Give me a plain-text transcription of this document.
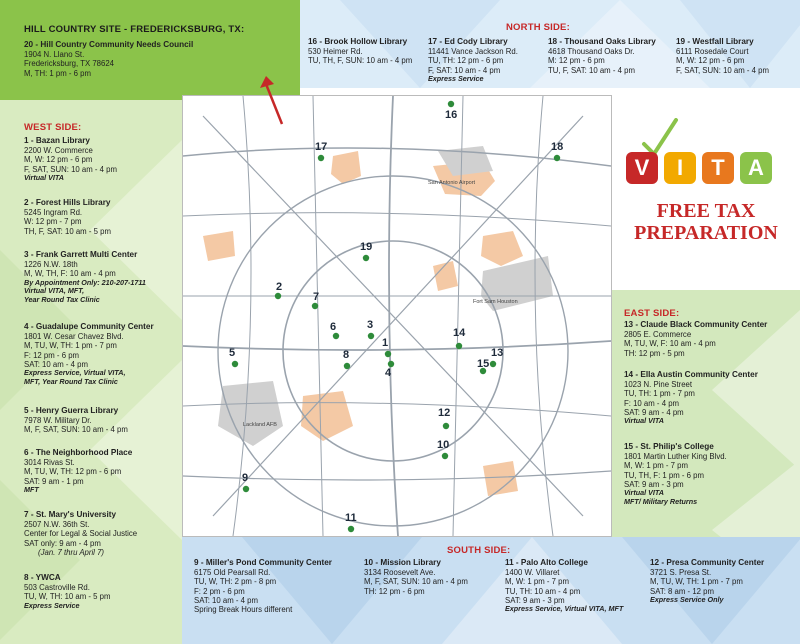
HILL COUNTRY SITE - FREDERICKSBURG, TX:
20 - Hill Country Community Needs Council
1904 N. Llano St.
Fredericksburg, TX 78624
M, TH: 1 pm - 6 pm
NORTH SIDE:
SOUTH SIDE:
16 - Brook Hollow Library
530 Heimer Rd.
TU, TH, F, SUN: 10 am - 4 pm
17 - Ed Cody Library
11441 Vance Jackson Rd.
TU, TH: 12 pm - 6 pm
F, SAT: 10 am - 4 pm
Express Service
18 - Thousand Oaks Library
4618 Thousand Oaks Dr.
M: 12 pm - 6 pm
TU, F, SAT: 10 am - 4 pm
19 - Westfall Library
6111 Rosedale Court
M, W: 12 pm - 6 pm
F, SAT, SUN: 10 am - 4 pm
WEST SIDE:
1 - Bazan Library
2200 W. Commerce
M, W: 12 pm - 6 pm
F, SAT, SUN: 10 am - 4 pm
Virtual VITA
2 - Forest Hills Library
5245 Ingram Rd.
W: 12 pm - 7 pm
TH, F, SAT: 10 am - 5 pm
3 - Frank Garrett Multi Center
1226 N.W. 18th
M, W, TH, F: 10 am - 4 pm
By Appointment Only: 210-207-1711
Virtual VITA, MFT,
Year Round Tax Clinic
4 - Guadalupe Community Center
1801 W. Cesar Chavez Blvd.
M, TU, W, TH: 1 pm - 7 pm
F: 12 pm - 6 pm
SAT: 10 am - 4 pm
Express Service, Virtual VITA,
MFT, Year Round Tax Clinic
5 - Henry Guerra Library
7978 W. Military Dr.
M, F, SAT, SUN: 10 am - 4 pm
6 - The Neighborhood Place
3014 Rivas St.
M, TU, W, TH: 12 pm - 6 pm
SAT: 9 am - 1 pm
MFT
7 - St. Mary's University
2507 N.W. 36th St.
Center for Legal & Social Justice
SAT only: 9 am - 4 pm
(Jan. 7 thru April 7)
8 - YWCA
503 Castroville Rd.
TU, W, TH: 10 am - 5 pm
Express Service
EAST SIDE:
13 - Claude Black Community Center
2805 E. Commerce
M, TU, W, F: 10 am - 4 pm
TH: 12 pm - 5 pm
14 - Ella Austin Community Center
1023 N. Pine Street
TU, TH: 1 pm - 7 pm
F: 10 am - 4 pm
SAT: 9 am - 4 pm
Virtual VITA
15 - St. Philip's College
1801 Martin Luther King Blvd.
M, W: 1 pm - 7 pm
TU, TH, F: 1 pm - 6 pm
SAT: 9 am - 3 pm
Virtual VITA
MFT/ Military Returns
9 - Miller's Pond Community Center
6175 Old Pearsall Rd.
TU, W, TH: 2 pm - 8 pm
F: 2 pm - 6 pm
SAT: 10 am - 4 pm
Spring Break Hours different
10 - Mission Library
3134 Roosevelt Ave.
M, F, SAT, SUN: 10 am - 4 pm
TH: 12 pm - 6 pm
11 - Palo Alto College
1400 W. Villaret
M, W: 1 pm - 7 pm
TU, TH: 10 am - 4 pm
SAT: 9 am - 3 pm
Express Service, Virtual VITA, MFT
12 - Presa Community Center
3721 S. Presa St.
M, TU, W, TH: 1 pm - 7 pm
SAT: 8 am - 12 pm
Express Service Only
V	I	T	A
FREE TAX
PREPARATION
San Antonio Airport
Fort Sam Houston
Lackland AFB
1
2
3
4
5
6
7
8
9
10
11
12
13
14
15
16
17	18
19
